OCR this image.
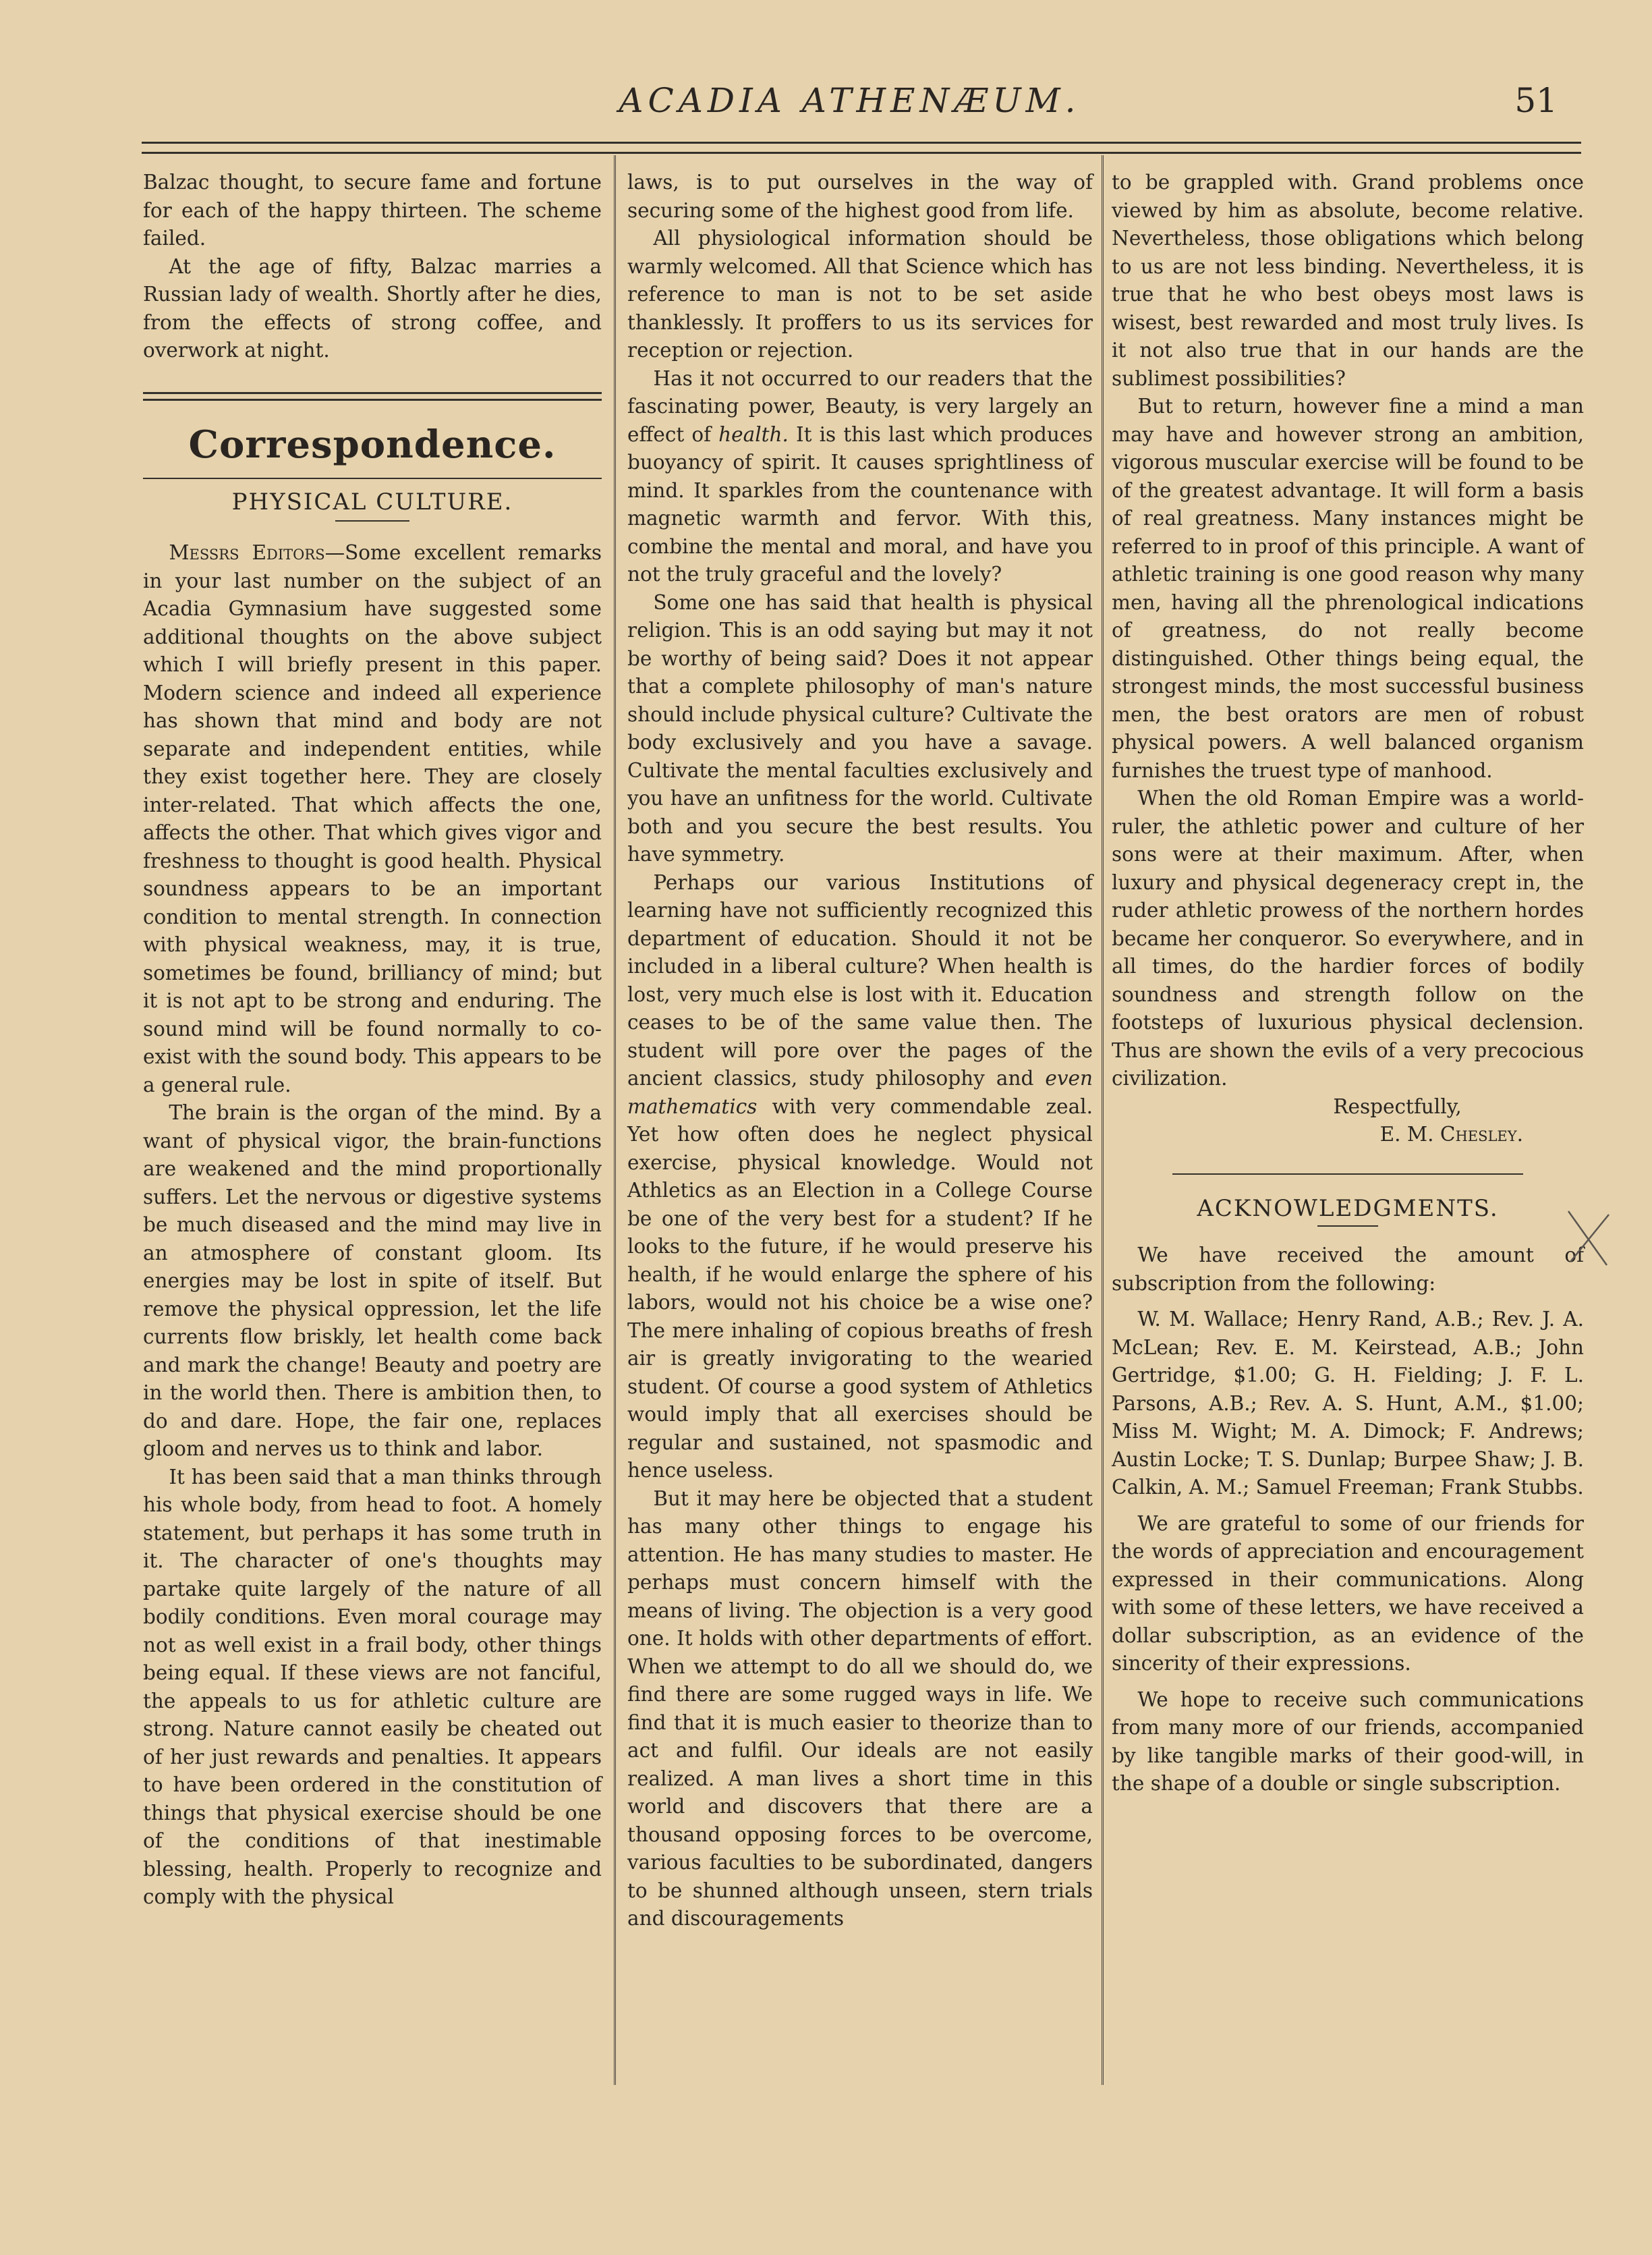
ACADIA ATHENÆUM.	51

Balzac thought, to secure fame and fortune for each of the happy thirteen. The scheme failed.

At the age of fifty, Balzac marries a Russian lady of wealth. Shortly after he dies, from the effects of strong coffee, and overwork at night.

Correspondence.
PHYSICAL CULTURE.

Messrs Editors—Some excellent remarks in your last number on the subject of an Acadia Gymnasium have suggested some additional thoughts on the above subject which I will briefly present in this paper. Modern science and indeed all experience has shown that mind and body are not separate and independent entities, while they exist together here. They are closely inter-related. That which affects the one, affects the other. That which gives vigor and freshness to thought is good health. Physical soundness appears to be an important condition to mental strength. In connection with physical weakness, may, it is true, sometimes be found, brilliancy of mind; but it is not apt to be strong and enduring. The sound mind will be found normally to co-exist with the sound body. This appears to be a general rule.

The brain is the organ of the mind. By a want of physical vigor, the brain-functions are weakened and the mind proportionally suffers. Let the nervous or digestive systems be much diseased and the mind may live in an atmosphere of constant gloom. Its energies may be lost in spite of itself. But remove the physical oppression, let the life currents flow briskly, let health come back and mark the change! Beauty and poetry are in the world then. There is ambition then, to do and dare. Hope, the fair one, replaces gloom and nerves us to think and labor.

It has been said that a man thinks through his whole body, from head to foot. A homely statement, but perhaps it has some truth in it. The character of one's thoughts may partake quite largely of the nature of all bodily conditions. Even moral courage may not as well exist in a frail body, other things being equal. If these views are not fanciful, the appeals to us for athletic culture are strong. Nature cannot easily be cheated out of her just rewards and penalties. It appears to have been ordered in the constitution of things that physical exercise should be one of the conditions of that inestimable blessing, health. Properly to recognize and comply with the physical

laws, is to put ourselves in the way of securing some of the highest good from life.

All physiological information should be warmly welcomed. All that Science which has reference to man is not to be set aside thanklessly. It proffers to us its services for reception or rejection.

Has it not occurred to our readers that the fascinating power, Beauty, is very largely an effect of health. It is this last which produces buoyancy of spirit. It causes sprightliness of mind. It sparkles from the countenance with magnetic warmth and fervor. With this, combine the mental and moral, and have you not the truly graceful and the lovely?

Some one has said that health is physical religion. This is an odd saying but may it not be worthy of being said? Does it not appear that a complete philosophy of man's nature should include physical culture? Cultivate the body exclusively and you have a savage. Cultivate the mental faculties exclusively and you have an unfitness for the world. Cultivate both and you secure the best results. You have symmetry.

Perhaps our various Institutions of learning have not sufficiently recognized this department of education. Should it not be included in a liberal culture? When health is lost, very much else is lost with it. Education ceases to be of the same value then. The student will pore over the pages of the ancient classics, study philosophy and even mathematics with very commendable zeal. Yet how often does he neglect physical exercise, physical knowledge. Would not Athletics as an Election in a College Course be one of the very best for a student? If he looks to the future, if he would preserve his health, if he would enlarge the sphere of his labors, would not his choice be a wise one? The mere inhaling of copious breaths of fresh air is greatly invigorating to the wearied student. Of course a good system of Athletics would imply that all exercises should be regular and sustained, not spasmodic and hence useless.

But it may here be objected that a student has many other things to engage his attention. He has many studies to master. He perhaps must concern himself with the means of living. The objection is a very good one. It holds with other departments of effort. When we attempt to do all we should do, we find there are some rugged ways in life. We find that it is much easier to theorize than to act and fulfil. Our ideals are not easily realized. A man lives a short time in this world and discovers that there are a thousand opposing forces to be overcome, various faculties to be subordinated, dangers to be shunned although unseen, stern trials and discouragements

to be grappled with. Grand problems once viewed by him as absolute, become relative. Nevertheless, those obligations which belong to us are not less binding. Nevertheless, it is true that he who best obeys most laws is wisest, best rewarded and most truly lives. Is it not also true that in our hands are the sublimest possibilities?

But to return, however fine a mind a man may have and however strong an ambition, vigorous muscular exercise will be found to be of the greatest advantage. It will form a basis of real greatness. Many instances might be referred to in proof of this principle. A want of athletic training is one good reason why many men, having all the phrenological indications of greatness, do not really become distinguished. Other things being equal, the strongest minds, the most successful business men, the best orators are men of robust physical powers. A well balanced organism furnishes the truest type of manhood.

When the old Roman Empire was a world-ruler, the athletic power and culture of her sons were at their maximum. After, when luxury and physical degeneracy crept in, the ruder athletic prowess of the northern hordes became her conqueror. So everywhere, and in all times, do the hardier forces of bodily soundness and strength follow on the footsteps of luxurious physical declension. Thus are shown the evils of a very precocious civilization.

Respectfully,

E. M. Chesley.

ACKNOWLEDGMENTS.

We have received the amount of subscription from the following:

W. M. Wallace; Henry Rand, A.B.; Rev. J. A. McLean; Rev. E. M. Keirstead, A.B.; John Gertridge, $1.00; G. H. Fielding; J. F. L. Parsons, A.B.; Rev. A. S. Hunt, A.M., $1.00; Miss M. Wight; M. A. Dimock; F. Andrews; Austin Locke; T. S. Dunlap; Burpee Shaw; J. B. Calkin, A. M.; Samuel Freeman; Frank Stubbs.

We are grateful to some of our friends for the words of appreciation and encouragement expressed in their communications. Along with some of these letters, we have received a dollar subscription, as an evidence of the sincerity of their expressions.

We hope to receive such communications from many more of our friends, accompanied by like tangible marks of their good-will, in the shape of a double or single subscription.
